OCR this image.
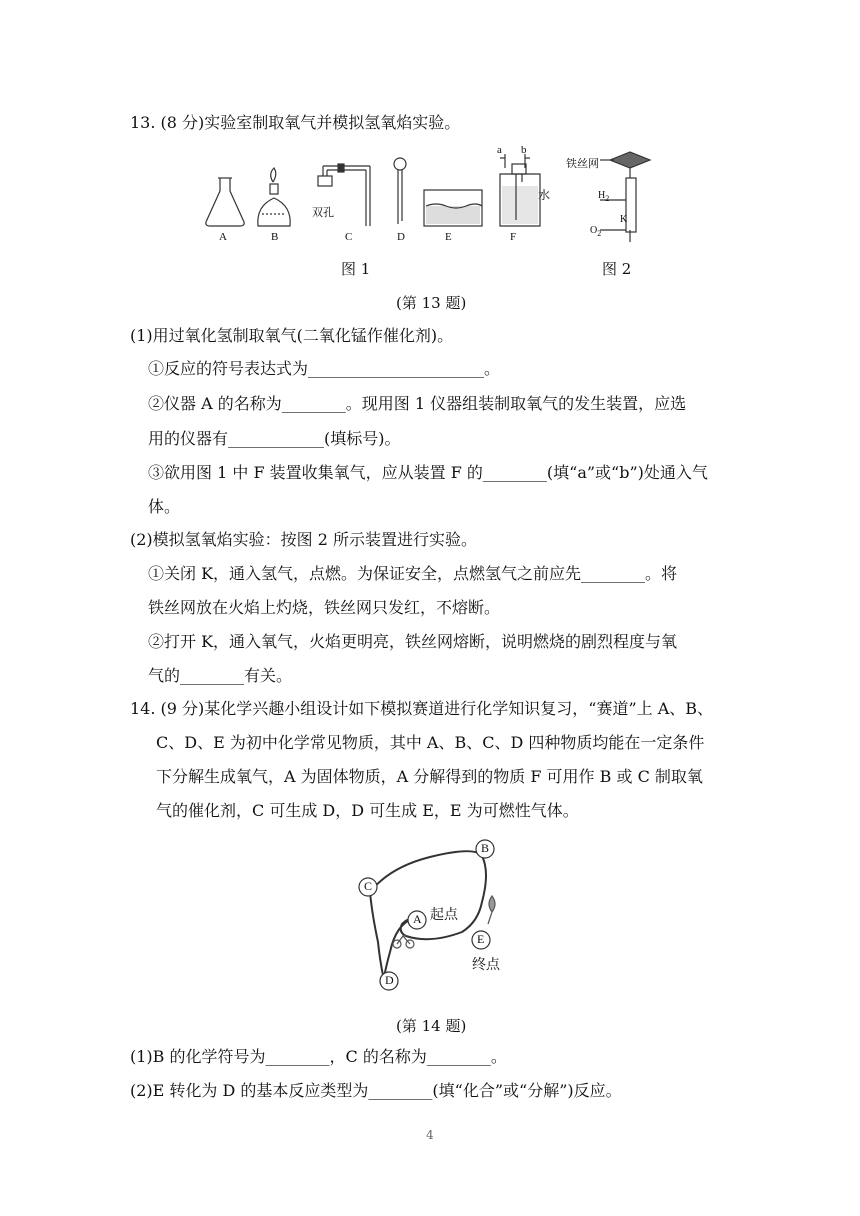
13. (8 分)实验室制取氧气并模拟氢氧焰实验。
A	B	C	D	E	F
双孔
a b
水
铁丝网
$H_2$
K
$O_2$
图 1	图 2
(第 13 题)
(1)用过氧化氢制取氧气(二氧化锰作催化剂)。
①反应的符号表达式为______________________。
②仪器 A 的名称为________。现用图 1 仪器组装制取氧气的发生装置，应选
用的仪器有____________(填标号)。
③欲用图 1 中 F 装置收集氧气，应从装置 F 的________(填“a”或“b”)处通入气
体。
(2)模拟氢氧焰实验：按图 2 所示装置进行实验。
①关闭 K，通入氢气，点燃。为保证安全，点燃氢气之前应先________。将
铁丝网放在火焰上灼烧，铁丝网只发红，不熔断。
②打开 K，通入氧气，火焰更明亮，铁丝网熔断，说明燃烧的剧烈程度与氧
气的________有关。
14. (9 分)某化学兴趣小组设计如下模拟赛道进行化学知识复习，“赛道”上 A、B、
C、D、E 为初中化学常见物质，其中 A、B、C、D 四种物质均能在一定条件
下分解生成氧气，A 为固体物质，A 分解得到的物质 F 可用作 B 或 C 制取氧
气的催化剂，C 可生成 D，D 可生成 E，E 为可燃性气体。
A
B
C
D
E
起点
终点
(第 14 题)
(1)B 的化学符号为________，C 的名称为________。
(2)E 转化为 D 的基本反应类型为________(填“化合”或“分解”)反应。
4
